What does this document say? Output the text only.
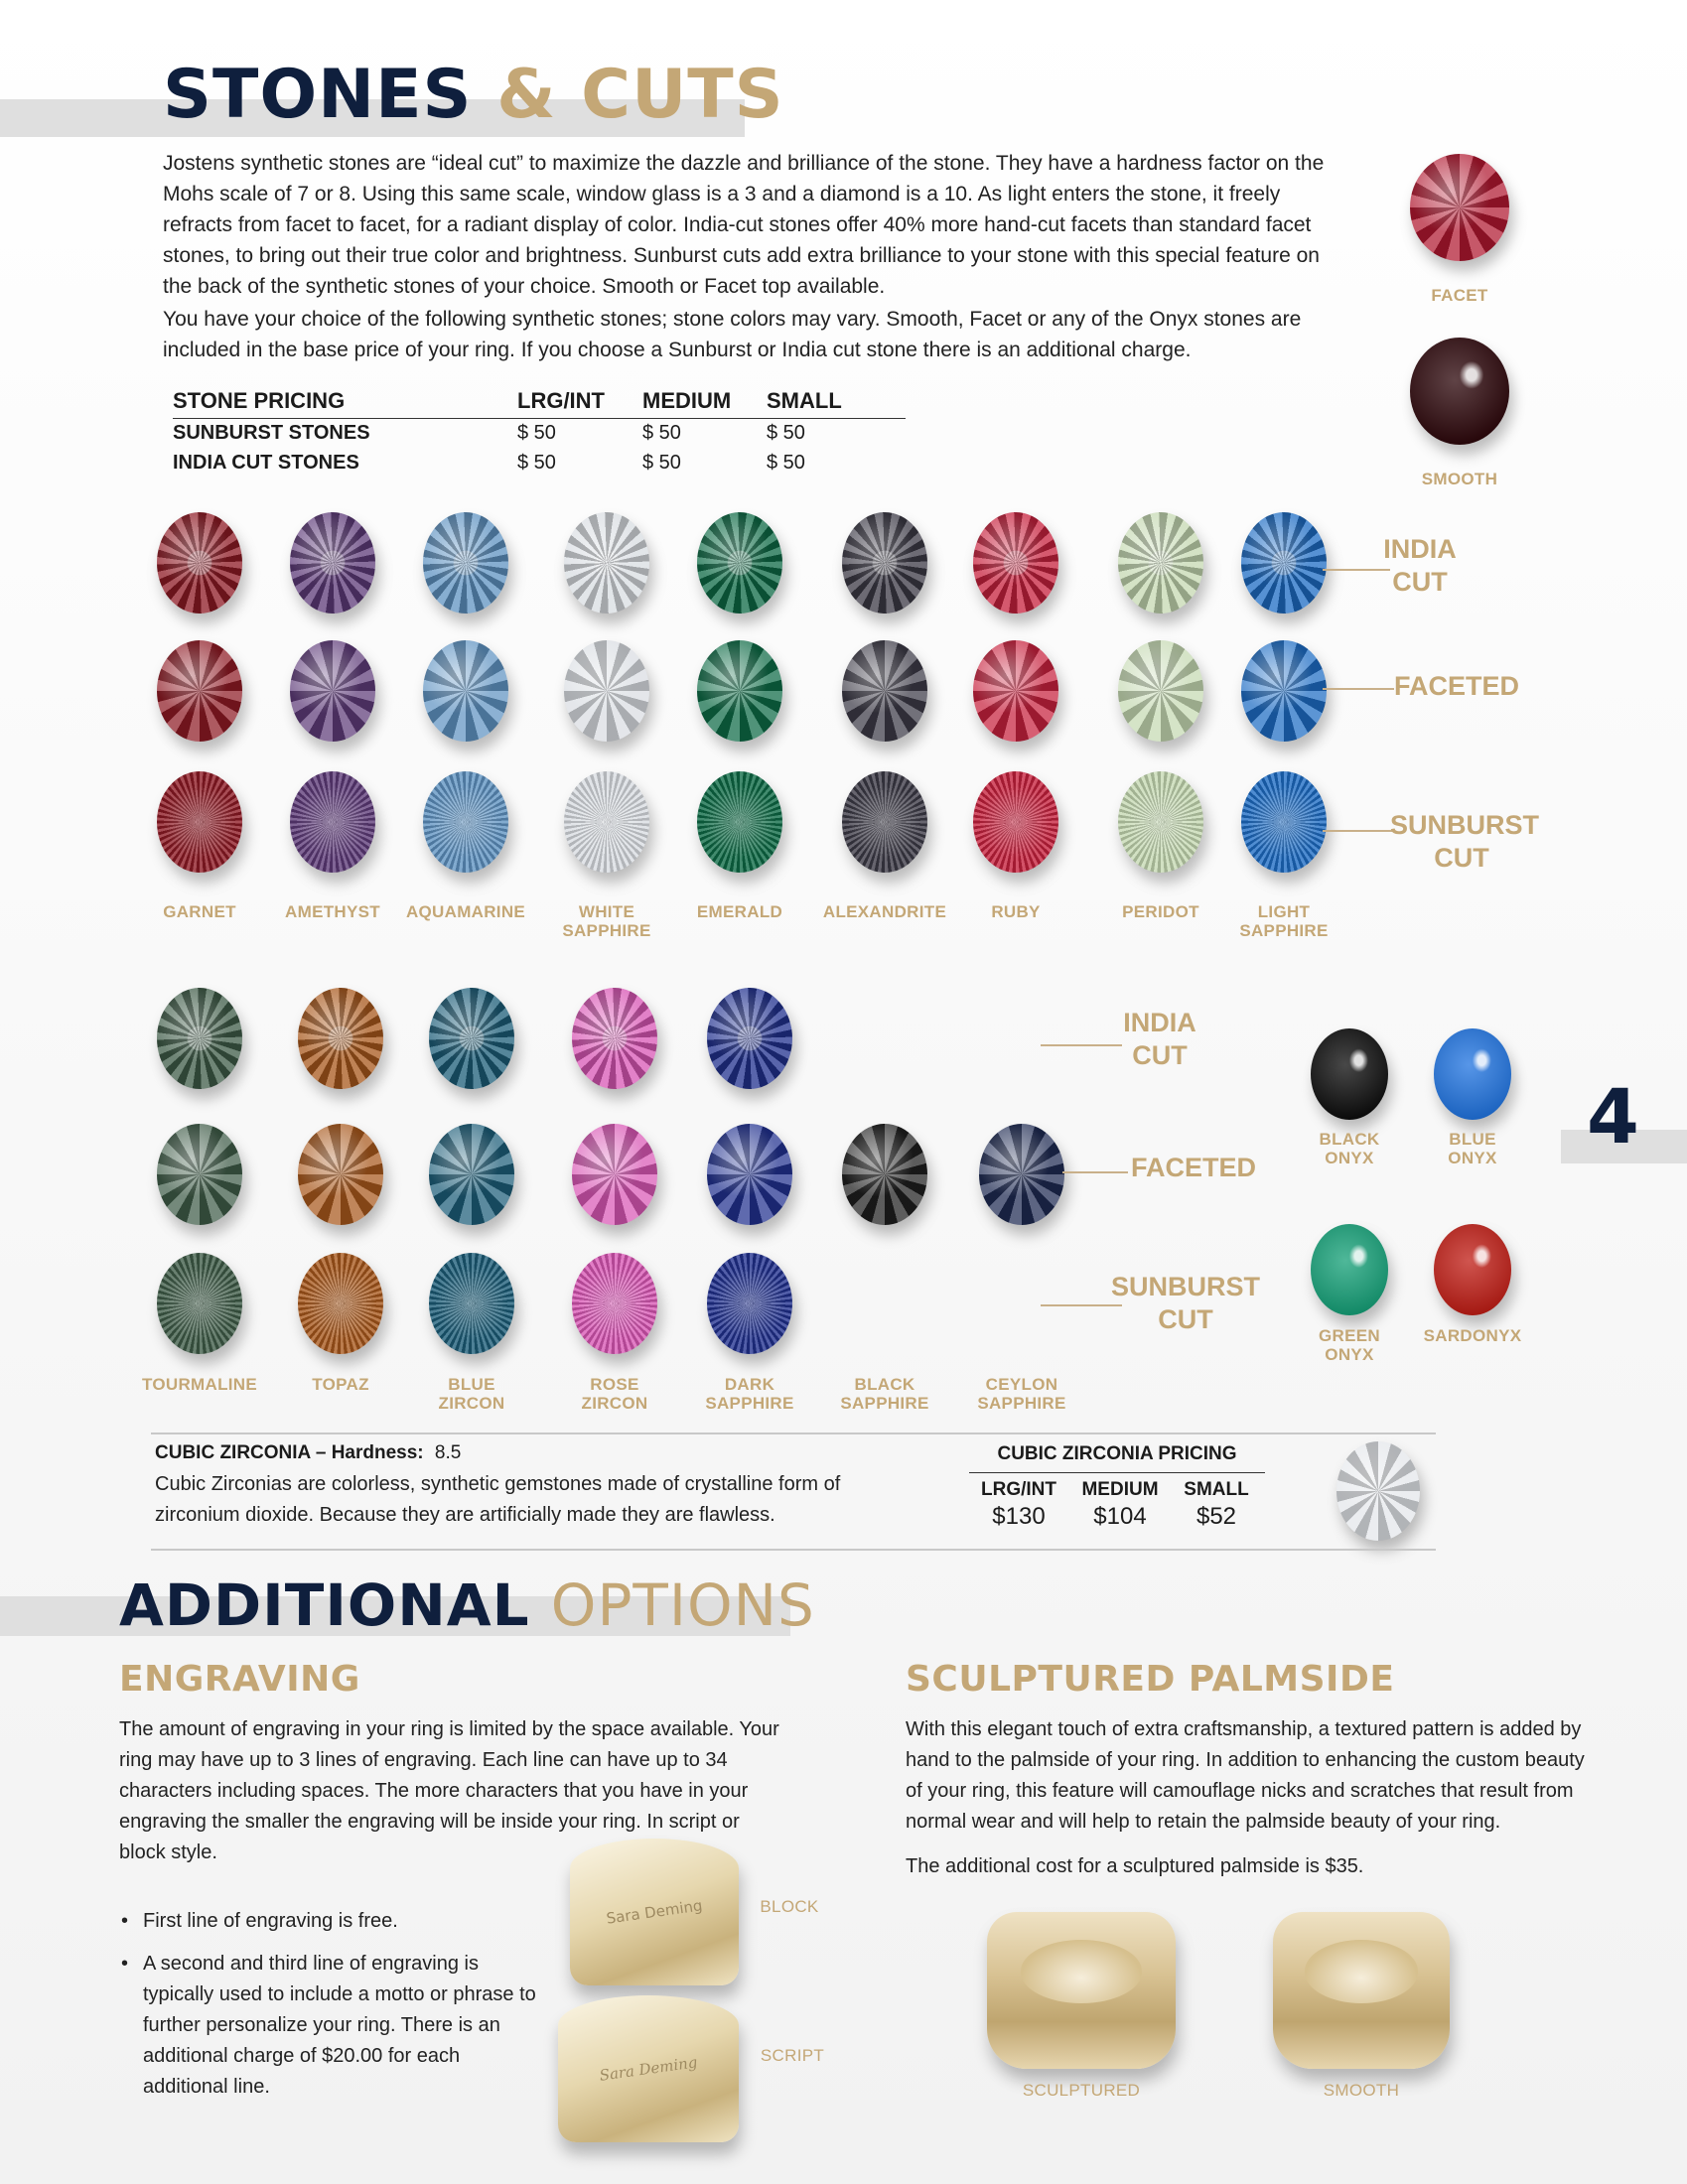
STONES & CUTS
Jostens synthetic stones are “ideal cut” to maximize the dazzle and brilliance of the stone. They have a hardness factor on the Mohs scale of 7 or 8. Using this same scale, window glass is a 3 and a diamond is a 10. As light enters the stone, it freely refracts from facet to facet, for a radiant display of color. India-cut stones offer 40% more hand-cut facets than standard facet stones, to bring out their true color and brightness. Sunburst cuts add extra brilliance to your stone with this special feature on the back of the synthetic stones of your choice. Smooth or Facet top available.
You have your choice of the following synthetic stones; stone colors may vary. Smooth, Facet or any of the Onyx stones are included in the base price of your ring. If you choose a Sunburst or India cut stone there is an additional charge.
FACET
SMOOTH
STONE PRICING	LRG/INT MEDIUM SMALL
SUNBURST STONES	$ 50	$ 50	$ 50
INDIA CUT STONES	$ 50	$ 50	$ 50
GARNET	AMETHYST	AQUAMARINE	WHITE
SAPPHIRE
EMERALD	ALEXANDRITE	RUBY	PERIDOT	LIGHT
SAPPHIRE
INDIA
CUT
FACETED
SUNBURST
CUT
TOURMALINE	TOPAZ	BLUE
ZIRCON
ROSE
ZIRCON
DARK
SAPPHIRE
BLACK
SAPPHIRE
CEYLON
SAPPHIRE
INDIA
CUT
FACETED
SUNBURST
CUT
BLACK
ONYX
BLUE
ONYX
GREEN
ONYX
SARDONYX
4
CUBIC ZIRCONIA – Hardness: 8.5
Cubic Zirconias are colorless, synthetic gemstones made of crystalline form of zirconium dioxide. Because they are artificially made they are flawless.
CUBIC ZIRCONIA PRICING
LRG/INT	MEDIUM	SMALL
$130	$104	$52
ADDITIONAL OPTIONS
ENGRAVING
The amount of engraving in your ring is limited by the space available. Your ring may have up to 3 lines of engraving. Each line can have up to 34 characters including spaces. The more characters that you have in your engraving the smaller the engraving will be inside your ring. In script or block style.
• First line of engraving is free.
• A second and third line of engraving is typically used to include a motto or phrase to further personalize your ring. There is an additional charge of $20.00 for each additional line.
Sara Deming	BLOCK
Sara Deming	SCRIPT
SCULPTURED PALMSIDE
With this elegant touch of extra craftsmanship, a textured pattern is added by hand to the palmside of your ring. In addition to enhancing the custom beauty of your ring, this feature will camouflage nicks and scratches that result from normal wear and will help to retain the palmside beauty of your ring.
The additional cost for a sculptured palmside is $35.
SCULPTURED	SMOOTH
